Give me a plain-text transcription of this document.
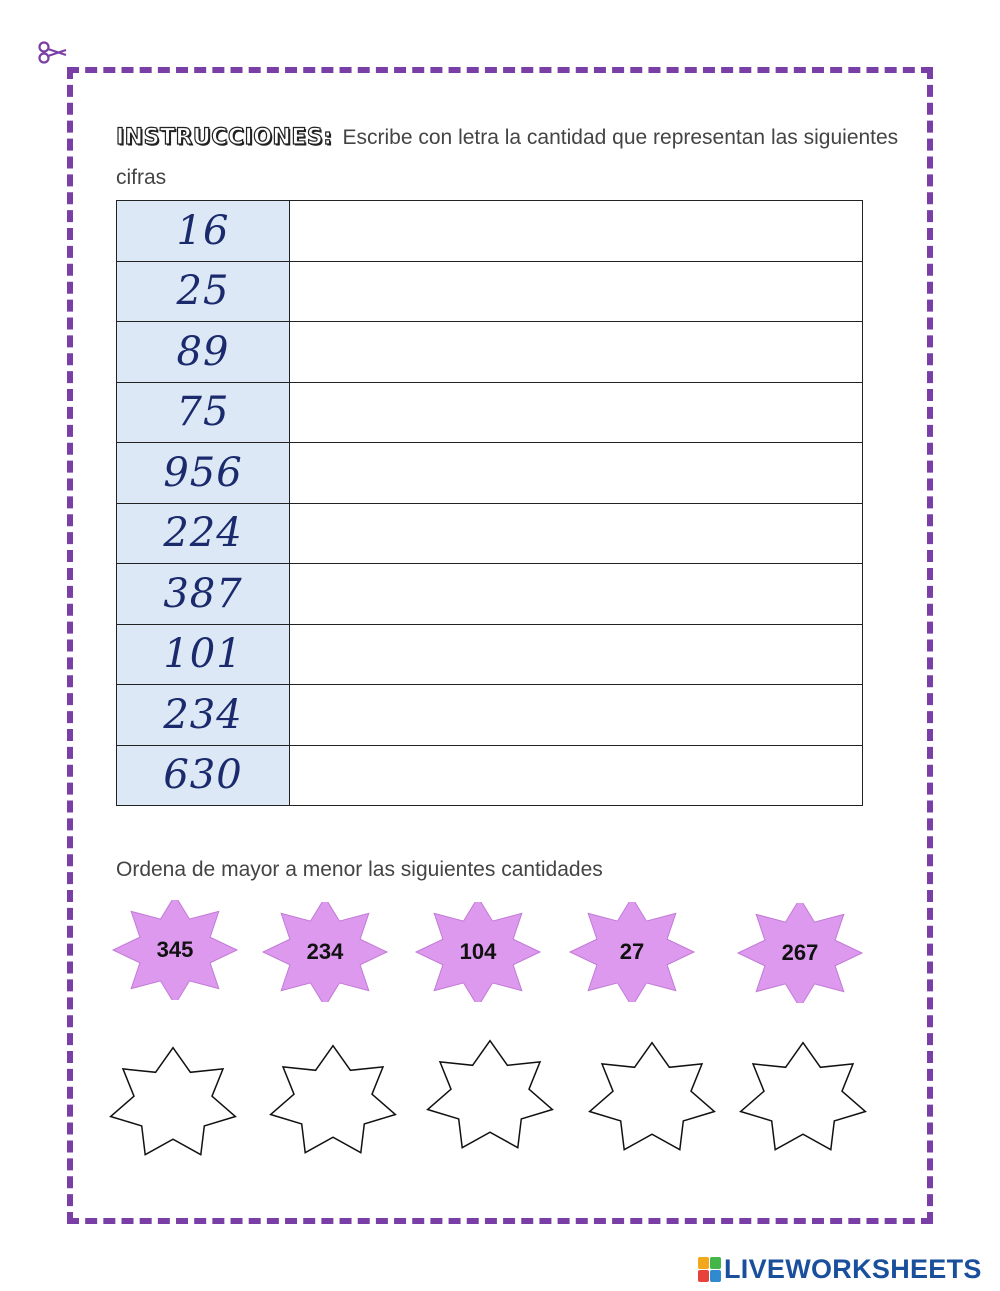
INSTRUCCIONES: Escribe con letra la cantidad que representan las siguientes cifras
16	
25	
89	
75	
956	
224	
387	
101	
234	
630	
Ordena de mayor a menor las siguientes cantidades
345	234	104	27	267
LIVEWORKSHEETS
